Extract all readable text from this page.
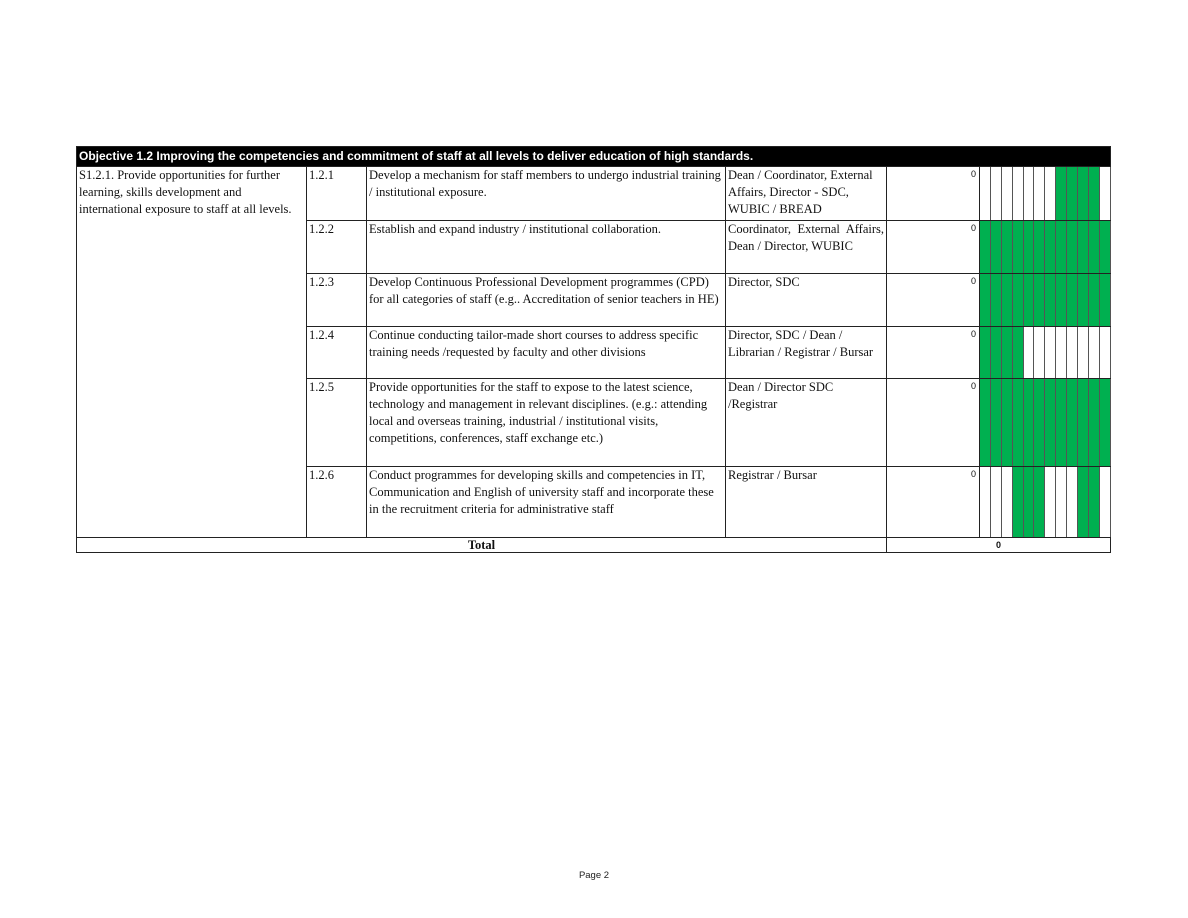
Objective 1.2 Improving the competencies and commitment of staff at all levels to deliver education of high standards.																
S1.2.1. Provide opportunities for further learning, skills development and international exposure to staff at all levels.	1.2.1	Develop a mechanism for staff members to undergo industrial training / institutional exposure.	Dean / Coordinator, External Affairs, Director - SDC, WUBIC / BREAD	0												
	1.2.2	Establish and expand industry / institutional collaboration.	Coordinator, External Affairs, Dean / Director, WUBIC	0												
	1.2.3	Develop Continuous Professional Development programmes (CPD) for all categories of staff (e.g.. Accreditation of senior teachers in HE)	Director, SDC	0												
	1.2.4	Continue conducting tailor-made short courses to address specific training needs /requested by faculty and other divisions	Director, SDC / Dean / Librarian / Registrar / Bursar	0												
	1.2.5	Provide opportunities for the staff to expose to the latest science, technology and management in relevant disciplines. (e.g.: attending local and overseas training, industrial / institutional visits, competitions, conferences, staff exchange etc.)	Dean / Director SDC /Registrar	0												
	1.2.6	Conduct programmes for developing skills and competencies in IT, Communication and English of university staff and incorporate these in the recruitment criteria for administrative staff	Registrar / Bursar	0												
Total				0												
Page 2
